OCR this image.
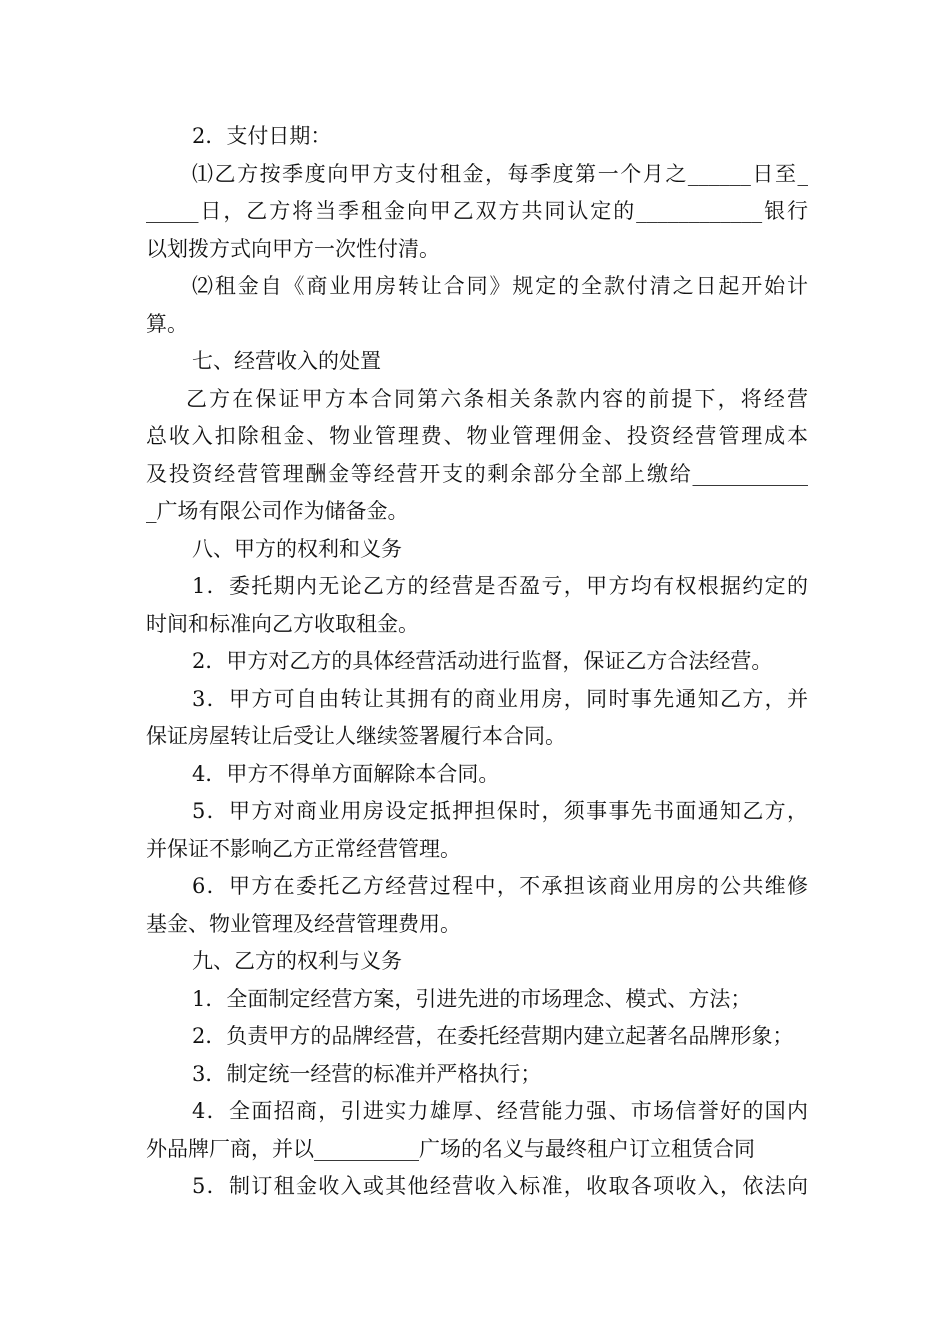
2．支付日期：
⑴乙方按季度向甲方支付租金，每季度第一个月之______日至_
_____日，乙方将当季租金向甲乙双方共同认定的____________银行
以划拨方式向甲方一次性付清。
⑵租金自《商业用房转让合同》规定的全款付清之日起开始计
算。
七、经营收入的处置
乙方在保证甲方本合同第六条相关条款内容的前提下，将经营
总收入扣除租金、物业管理费、物业管理佣金、投资经营管理成本
及投资经营管理酬金等经营开支的剩余部分全部上缴给___________
_广场有限公司作为储备金。
八、甲方的权利和义务
1．委托期内无论乙方的经营是否盈亏，甲方均有权根据约定的
时间和标准向乙方收取租金。
2．甲方对乙方的具体经营活动进行监督，保证乙方合法经营。
3．甲方可自由转让其拥有的商业用房，同时事先通知乙方，并
保证房屋转让后受让人继续签署履行本合同。
4．甲方不得单方面解除本合同。
5．甲方对商业用房设定抵押担保时，须事事先书面通知乙方，
并保证不影响乙方正常经营管理。
6．甲方在委托乙方经营过程中，不承担该商业用房的公共维修
基金、物业管理及经营管理费用。
九、乙方的权利与义务
1．全面制定经营方案，引进先进的市场理念、模式、方法；
2．负责甲方的品牌经营，在委托经营期内建立起著名品牌形象；
3．制定统一经营的标准并严格执行；
4．全面招商，引进实力雄厚、经营能力强、市场信誉好的国内
外品牌厂商，并以__________广场的名义与最终租户订立租赁合同
5．制订租金收入或其他经营收入标准，收取各项收入，依法向
